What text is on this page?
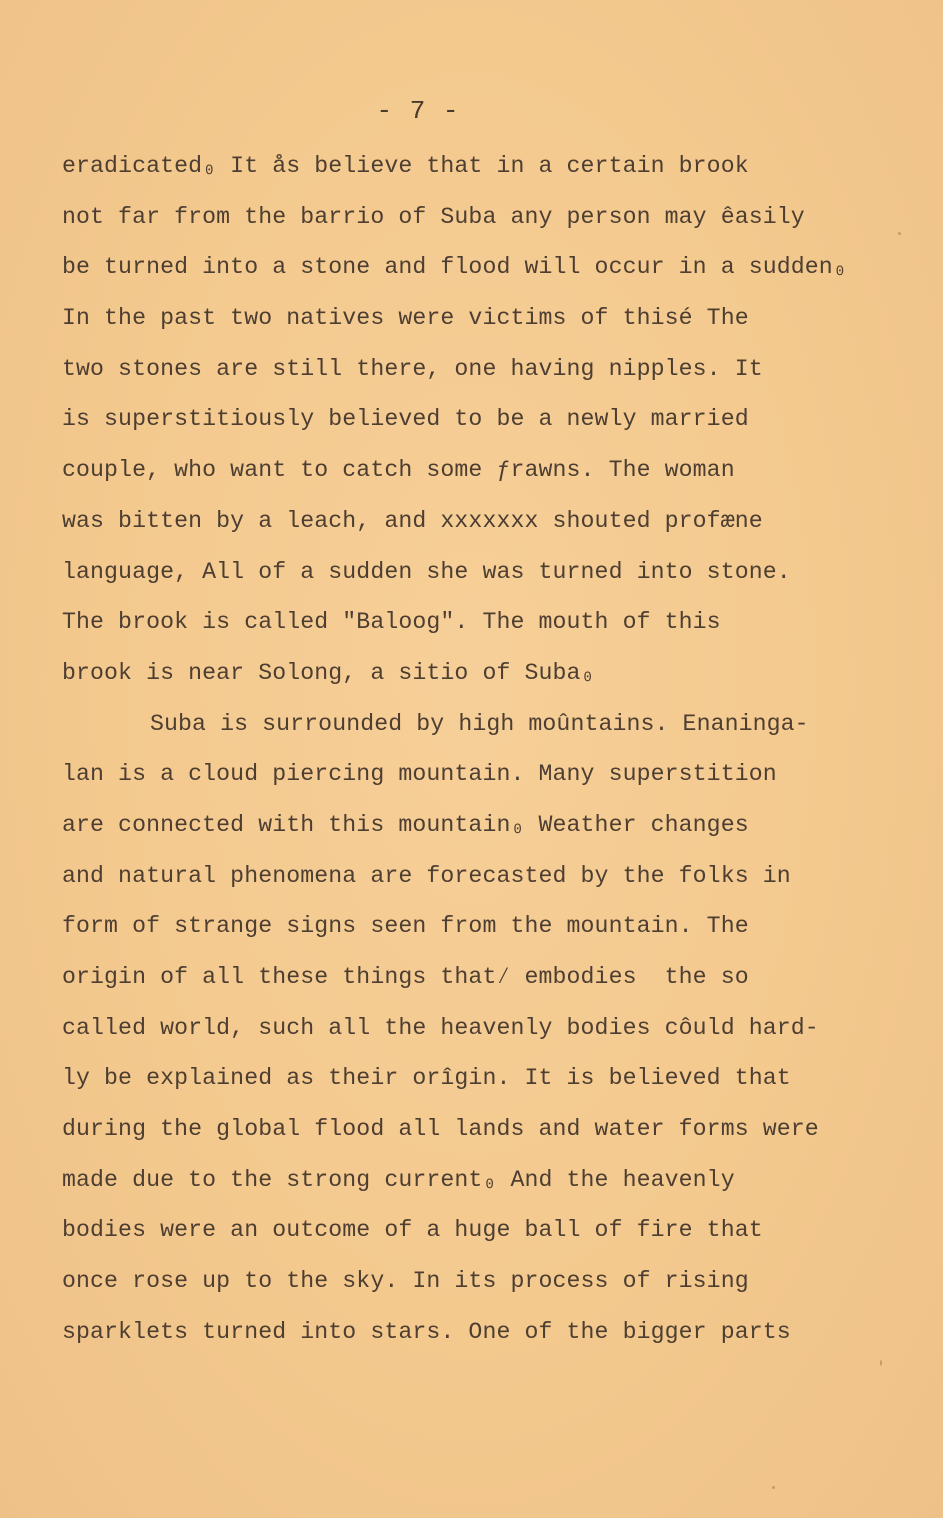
- 7 -
eradicated₀ It ås believe that in a certain brook
not far from the barrio of Suba any person may êasily
be turned into a stone and flood will occur in a sudden₀
In the past two natives were victims of thisé The
two stones are still there, one having nipples. It
is superstitiously believed to be a newly married
couple, who want to catch some ƒrawns. The woman
was bitten by a leach, and xxxxxxx shouted profæne
language, All of a sudden she was turned into stone.
The brook is called "Baloog". The mouth of this
brook is near Solong, a sitio of Suba₀
Suba is surrounded by high moûntains. Enaninga-
lan is a cloud piercing mountain. Many superstition
are connected with this mountain₀ Weather changes
and natural phenomena are forecasted by the folks in
form of strange signs seen from the mountain. The
origin of all these things that⁄ embodies  the so
called world, such all the heavenly bodies côuld hard-
ly be explained as their orîgin. It is believed that
during the global flood all lands and water forms were
made due to the strong current₀ And the heavenly
bodies were an outcome of a huge ball of fire that
once rose up to the sky. In its process of rising
sparklets turned into stars. One of the bigger parts
